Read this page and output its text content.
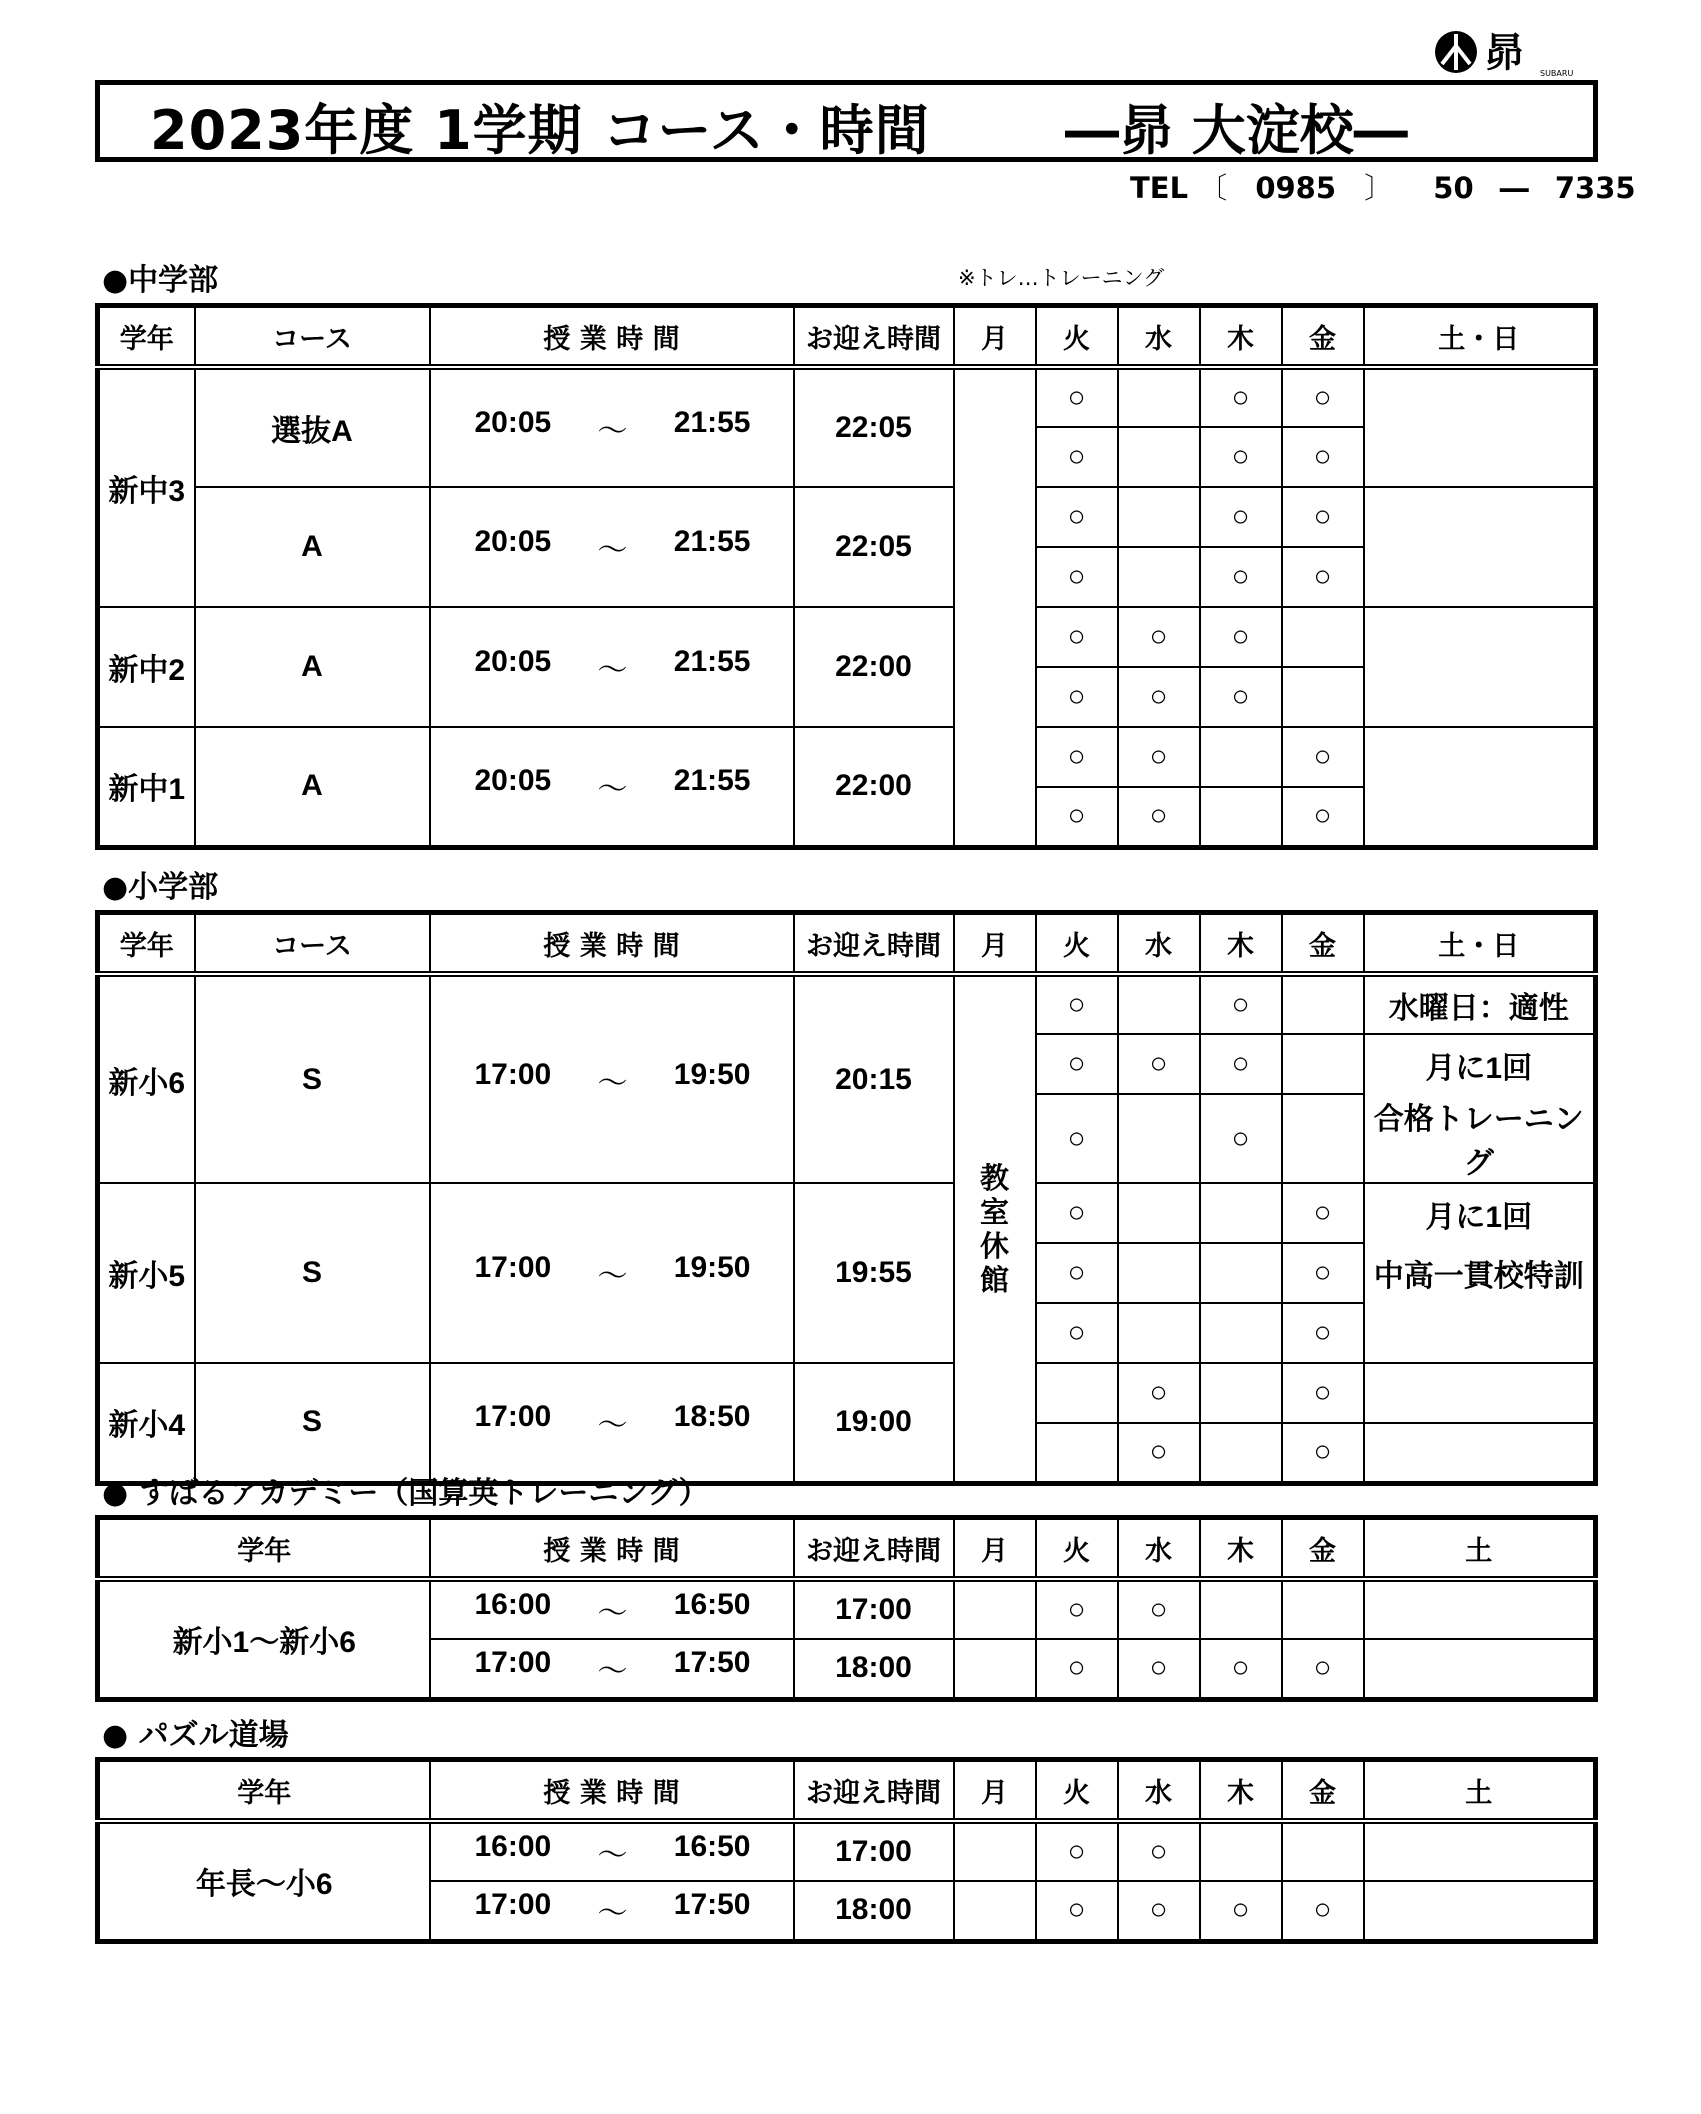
昴 SUBARU
2023年度 1学期 コース・時間	―昴 大淀校―
TEL 〔 0985 〕 50 ― 7335
●中学部	※トレ…トレーニング
学年	コース	授 業 時 間	お迎え時間	月	火	水	木	金	土・日
新中3	選抜A	20:05 ～ 21:55	22:05		○		○	○	
					○		○	○	
	A	20:05 ～ 21:55	22:05		○		○	○	
					○		○	○	
新中2	A	20:05 ～ 21:55	22:00		○	○	○		
					○	○	○		
新中1	A	20:05 ～ 21:55	22:00		○	○		○	
					○	○		○	
●小学部
学年	コース	授 業 時 間	お迎え時間	月	火	水	木	金	土・日
新小6	S	17:00 ～ 19:50	20:15	教室休館	○		○		水曜日：適性
					○	○	○		月に1回
					○		○		合格トレーニング
新小5	S	17:00 ～ 19:50	19:55		○			○	月に1回
					○			○	中高一貫校特訓
					○			○	
新小4	S	17:00 ～ 18:50	19:00			○		○	
						○		○	
● すばるアカデミー（国算英トレーニング）
学年	授 業 時 間	お迎え時間	月	火	水	木	金	土
新小1～新小6	16:00 ～ 16:50	17:00		○	○			

	17:00 ～ 17:50	18:00		○	○	○	○	
● パズル道場
学年	授 業 時 間	お迎え時間	月	火	水	木	金	土
年長～小6	16:00 ～ 16:50	17:00		○	○			

	17:00 ～ 17:50	18:00		○	○	○	○	
